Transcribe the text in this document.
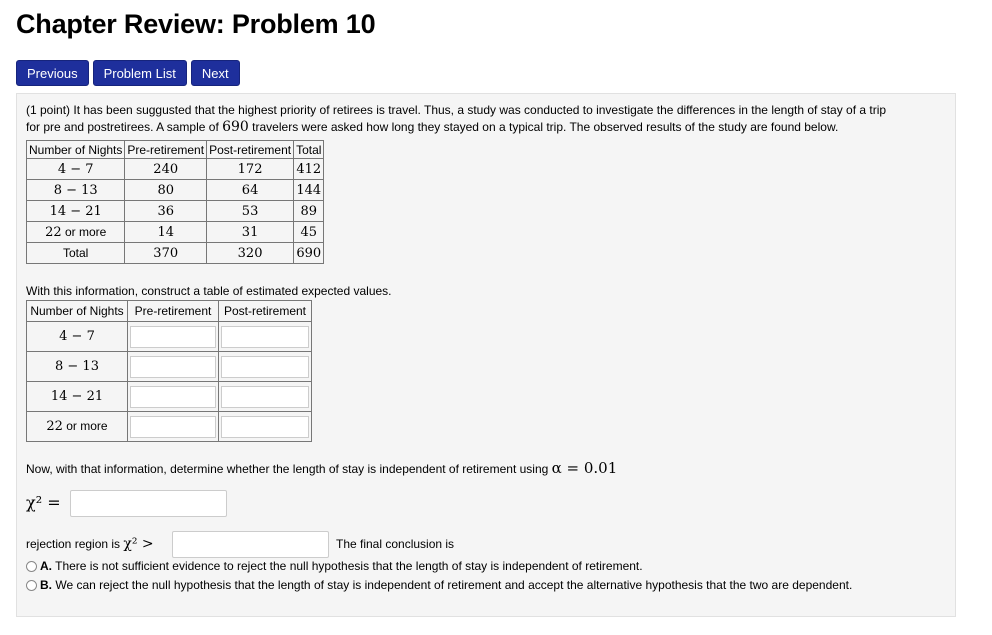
Chapter Review: Problem 10
Previous	Problem List	Next
(1 point) It has been suggusted that the highest priority of retirees is travel. Thus, a study was conducted to investigate the differences in the length of stay of a trip
for pre and postretirees. A sample of 690 travelers were asked how long they stayed on a typical trip. The observed results of the study are found below.
Number of Nights	Pre-retirement	Post-retirement	Total
4 − 7	240	172	412
8 − 13	80	64	144
14 − 21	36	53	89
22 or more	14	31	45
Total	370	320	690
With this information, construct a table of estimated expected values.
Number of Nights	Pre-retirement	Post-retirement
4 − 7	

8 − 13	

14 − 21	

22 or more	

Now, with that information, determine whether the length of stay is independent of retirement using α = 0.01
χ² =
rejection region is χ² >	The final conclusion is
A. There is not sufficient evidence to reject the null hypothesis that the length of stay is independent of retirement.
B. We can reject the null hypothesis that the length of stay is independent of retirement and accept the alternative hypothesis that the two are dependent.
